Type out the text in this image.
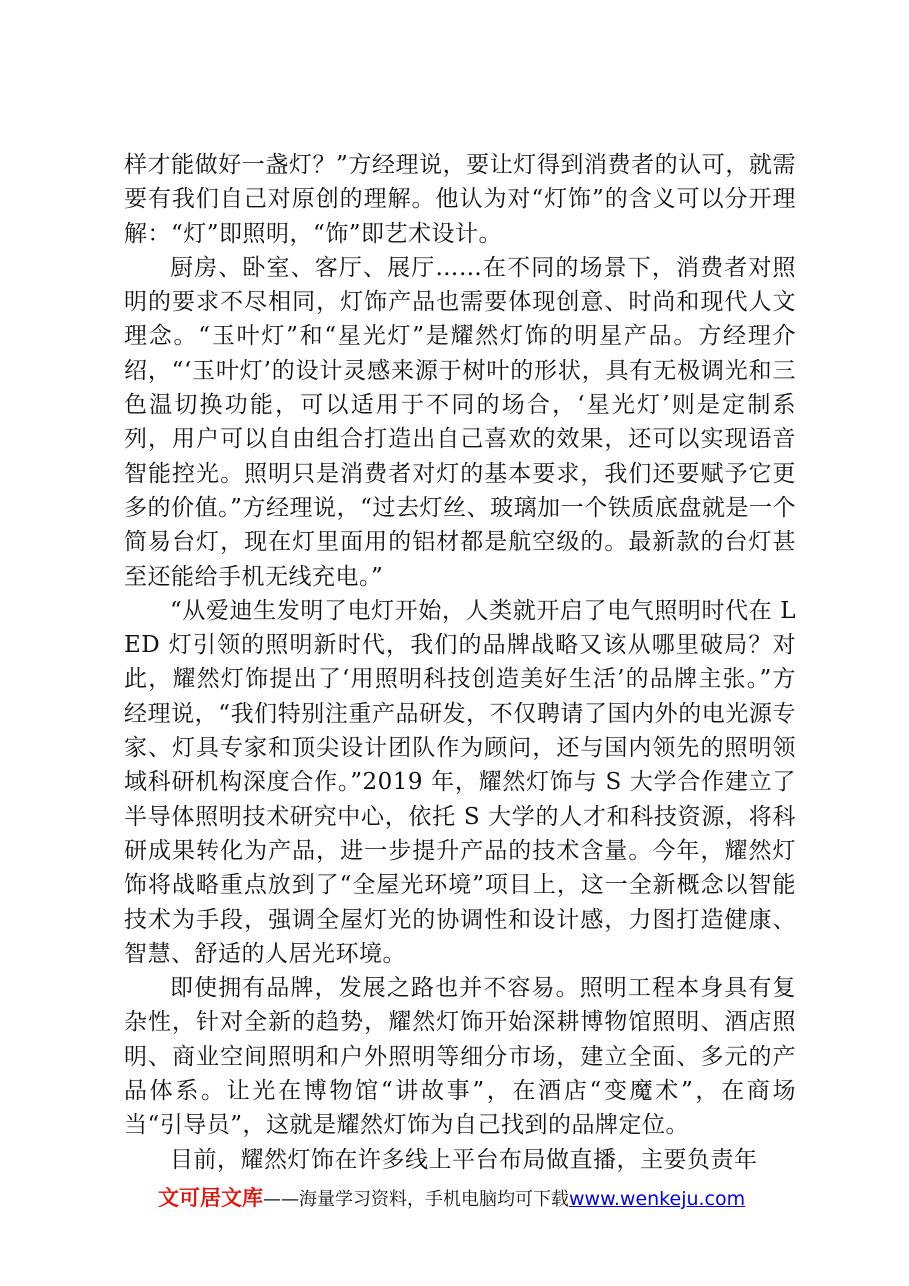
样才能做好一盏灯？”方经理说，要让灯得到消费者的认可，就需要有我们自己对原创的理解。他认为对“灯饰”的含义可以分开理解：“灯”即照明，“饰”即艺术设计。

厨房、卧室、客厅、展厅……在不同的场景下，消费者对照明的要求不尽相同，灯饰产品也需要体现创意、时尚和现代人文理念。“玉叶灯”和“星光灯”是耀然灯饰的明星产品。方经理介绍，“‘玉叶灯’的设计灵感来源于树叶的形状，具有无极调光和三色温切换功能，可以适用于不同的场合，‘星光灯’则是定制系列，用户可以自由组合打造出自己喜欢的效果，还可以实现语音智能控光。照明只是消费者对灯的基本要求，我们还要赋予它更多的价值。”方经理说，“过去灯丝、玻璃加一个铁质底盘就是一个简易台灯，现在灯里面用的铝材都是航空级的。最新款的台灯甚至还能给手机无线充电。”

“从爱迪生发明了电灯开始，人类就开启了电气照明时代在 LED 灯引领的照明新时代，我们的品牌战略又该从哪里破局？对此，耀然灯饰提出了‘用照明科技创造美好生活’的品牌主张。”方经理说，“我们特别注重产品研发，不仅聘请了国内外的电光源专家、灯具专家和顶尖设计团队作为顾问，还与国内领先的照明领域科研机构深度合作。”2019 年，耀然灯饰与 S 大学合作建立了半导体照明技术研究中心，依托 S 大学的人才和科技资源，将科研成果转化为产品，进一步提升产品的技术含量。今年，耀然灯饰将战略重点放到了“全屋光环境”项目上，这一全新概念以智能技术为手段，强调全屋灯光的协调性和设计感，力图打造健康、智慧、舒适的人居光环境。

即使拥有品牌，发展之路也并不容易。照明工程本身具有复杂性，针对全新的趋势，耀然灯饰开始深耕博物馆照明、酒店照明、商业空间照明和户外照明等细分市场，建立全面、多元的产品体系。让光在博物馆“讲故事”，在酒店“变魔术”，在商场当“引导员”，这就是耀然灯饰为自己找到的品牌定位。

目前，耀然灯饰在许多线上平台布局做直播，主要负责年

文可居文库——海量学习资料，手机电脑均可下载www.wenkeju.com
